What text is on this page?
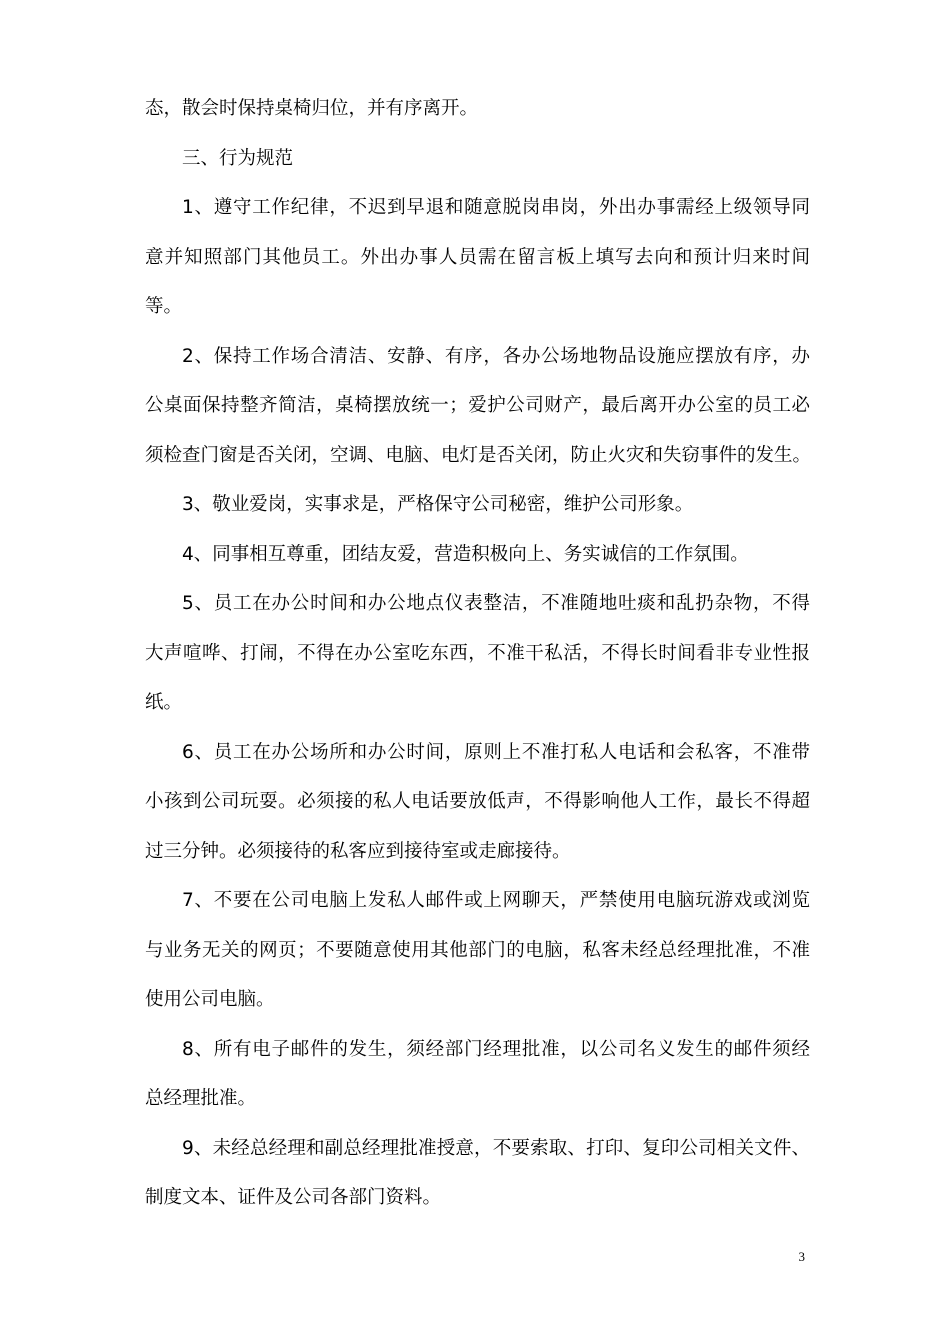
态，散会时保持桌椅归位，并有序离开。
三、行为规范
1、遵守工作纪律，不迟到早退和随意脱岗串岗，外出办事需经上级领导同
意并知照部门其他员工。外出办事人员需在留言板上填写去向和预计归来时间
等。
2、保持工作场合清洁、安静、有序，各办公场地物品设施应摆放有序，办
公桌面保持整齐简洁，桌椅摆放统一；爱护公司财产，最后离开办公室的员工必
须检查门窗是否关闭，空调、电脑、电灯是否关闭，防止火灾和失窃事件的发生。
3、敬业爱岗，实事求是，严格保守公司秘密，维护公司形象。
4、同事相互尊重，团结友爱，营造积极向上、务实诚信的工作氛围。
5、员工在办公时间和办公地点仪表整洁，不准随地吐痰和乱扔杂物，不得
大声喧哗、打闹，不得在办公室吃东西，不准干私活，不得长时间看非专业性报
纸。
6、员工在办公场所和办公时间，原则上不准打私人电话和会私客，不准带
小孩到公司玩耍。必须接的私人电话要放低声，不得影响他人工作，最长不得超
过三分钟。必须接待的私客应到接待室或走廊接待。
7、不要在公司电脑上发私人邮件或上网聊天，严禁使用电脑玩游戏或浏览
与业务无关的网页；不要随意使用其他部门的电脑，私客未经总经理批准，不准
使用公司电脑。
8、所有电子邮件的发生，须经部门经理批准，以公司名义发生的邮件须经
总经理批准。
9、未经总经理和副总经理批准授意，不要索取、打印、复印公司相关文件、
制度文本、证件及公司各部门资料。
3
